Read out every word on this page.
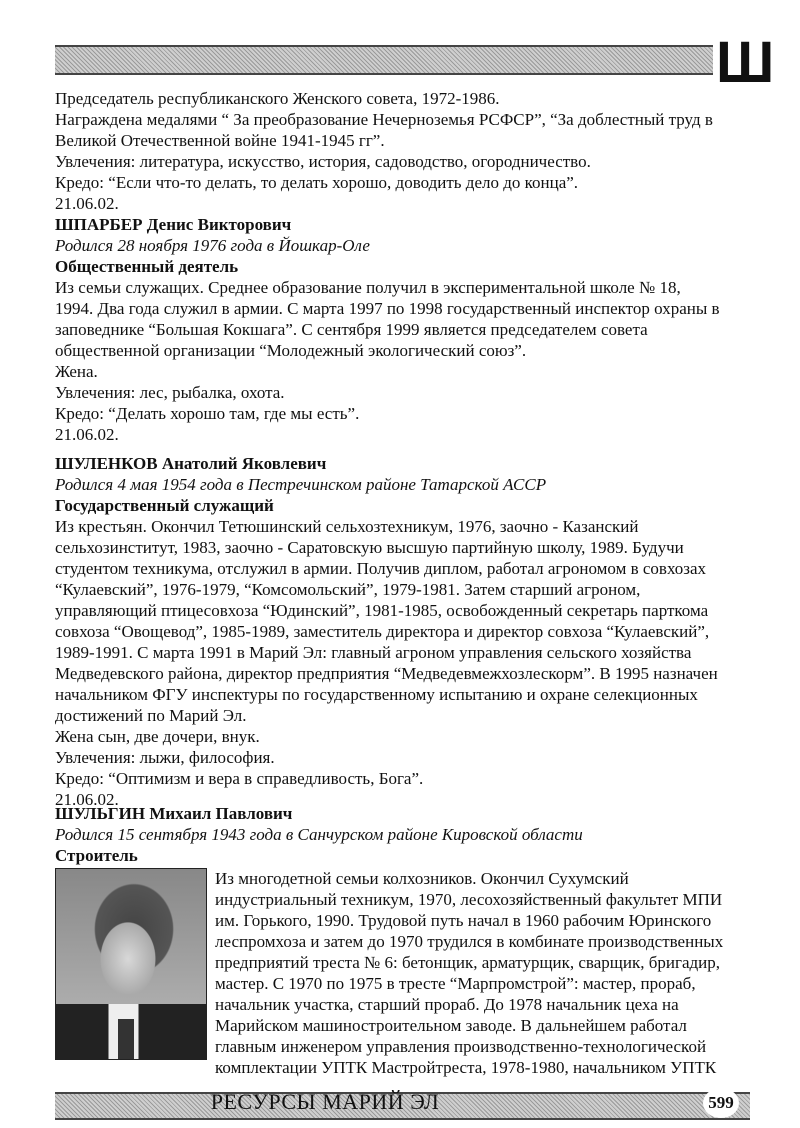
Ш
Председатель республиканского Женского совета, 1972-1986.
Награждена медалями “ За преобразование Нечерноземья РСФСР”, “За доблестный труд в
Великой Отечественной войне 1941-1945 гг”.
Увлечения: литература, искусство, история, садоводство, огородничество.
Кредо: “Если что-то делать, то делать хорошо, доводить дело до конца”.
21.06.02.
ШПАРБЕР Денис Викторович
Родился 28 ноября 1976 года в Йошкар-Оле
Общественный деятель
Из семьи служащих. Среднее образование получил в экспериментальной школе № 18,
1994. Два года служил в армии. С марта 1997 по 1998 государственный инспектор охраны в
заповеднике “Большая Кокшага”. С сентября 1999 является председателем совета
общественной организации “Молодежный экологический союз”.
Жена.
Увлечения: лес, рыбалка, охота.
Кредо: “Делать хорошо там, где мы есть”.
21.06.02.
ШУЛЕНКОВ Анатолий Яковлевич
Родился 4 мая 1954 года в Пестречинском районе Татарской АССР
Государственный служащий
Из крестьян. Окончил Тетюшинский сельхозтехникум, 1976, заочно - Казанский
сельхозинститут, 1983, заочно - Саратовскую высшую партийную школу, 1989. Будучи
студентом техникума, отслужил в армии. Получив диплом, работал агрономом в совхозах
“Кулаевский”, 1976-1979, “Комсомольский”, 1979-1981. Затем старший агроном,
управляющий птицесовхоза “Юдинский”, 1981-1985, освобожденный секретарь парткома
совхоза “Овощевод”, 1985-1989, заместитель директора и директор совхоза “Кулаевский”,
1989-1991. С марта 1991 в Марий Эл: главный агроном управления сельского хозяйства
Медведевского района, директор предприятия “Медведевмежхозлескорм”. В 1995 назначен
начальником ФГУ инспектуры по государственному испытанию и охране селекционных
достижений по Марий Эл.
Жена сын, две дочери, внук.
Увлечения: лыжи, философия.
Кредо: “Оптимизм и вера в справедливость, Бога”.
21.06.02.
ШУЛЬГИН Михаил Павлович
Родился 15 сентября 1943 года в Санчурском районе Кировской области
Строитель
Из многодетной семьи колхозников. Окончил Сухумский
индустриальный техникум, 1970, лесохозяйственный факультет МПИ
им. Горького, 1990. Трудовой путь начал в 1960 рабочим Юринского
леспромхоза и затем до 1970 трудился в комбинате производственных
предприятий треста № 6: бетонщик, арматурщик, сварщик, бригадир,
мастер. С 1970 по 1975 в тресте “Марпромстрой”: мастер, прораб,
начальник участка, старший прораб. До 1978 начальник цеха на
Марийском машиностроительном заводе. В дальнейшем работал
главным инженером управления производственно-технологической
комплектации УПТК Мастройтреста, 1978-1980, начальником УПТК
РЕСУРСЫ МАРИЙ ЭЛ	599
